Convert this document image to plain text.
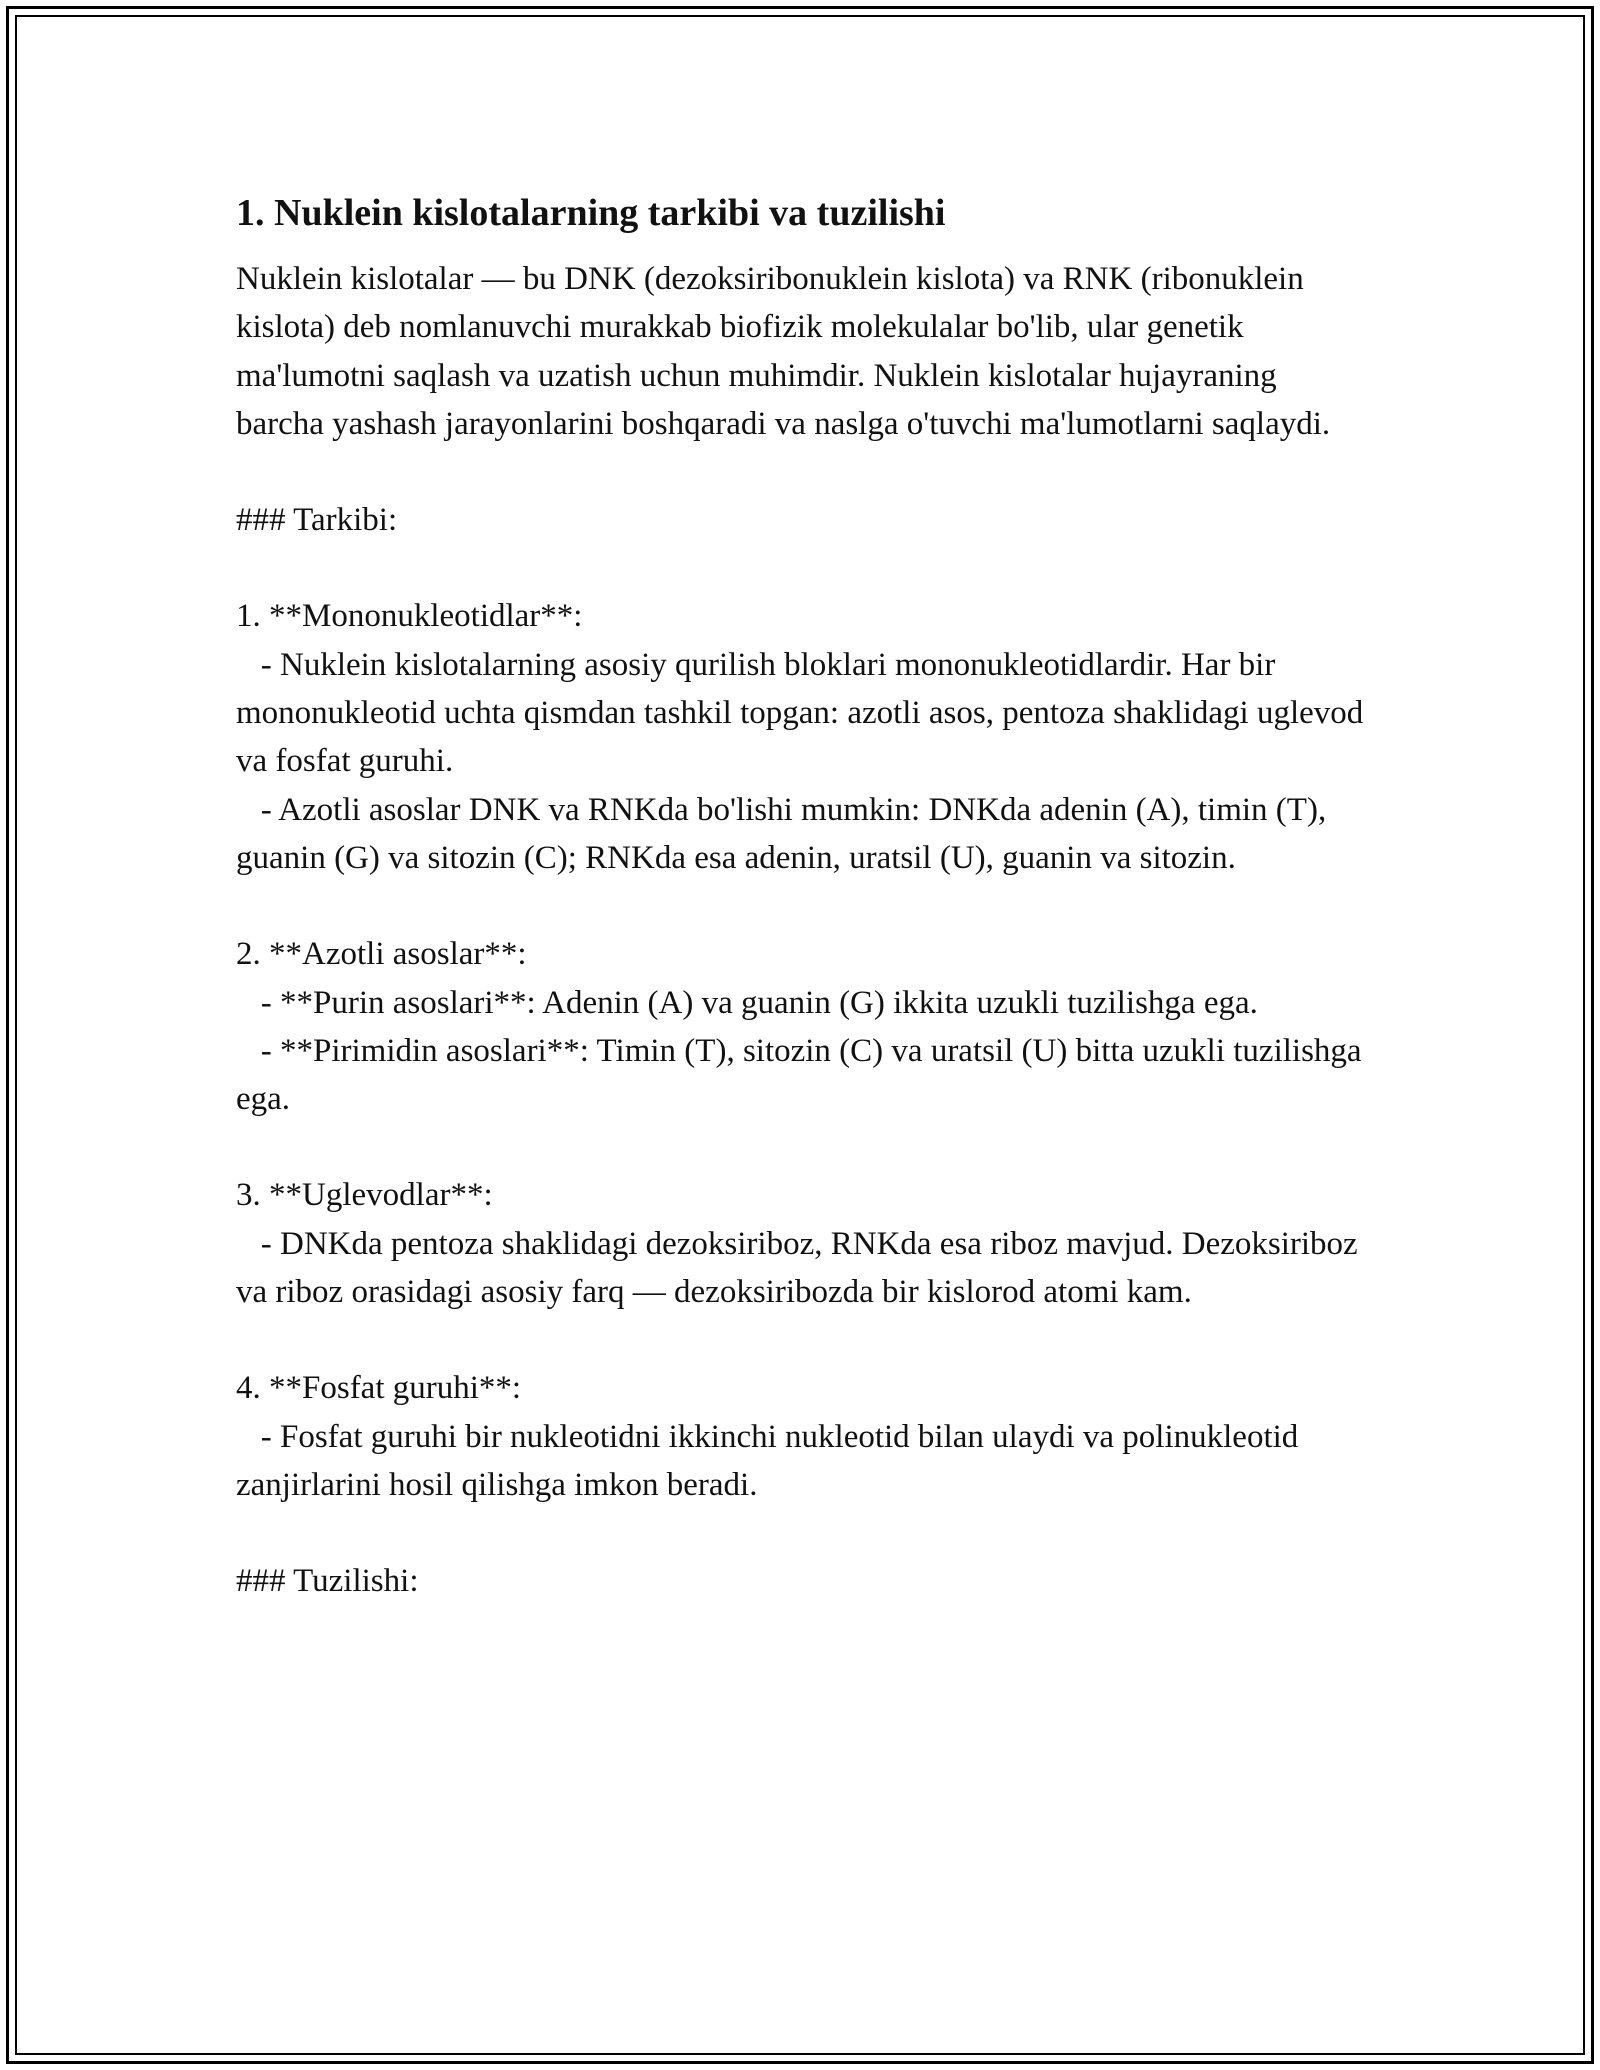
1. Nuklein kislotalarning tarkibi va tuzilishi

Nuklein kislotalar — bu DNK (dezoksiribonuklein kislota) va RNK (ribonuklein kislota) deb nomlanuvchi murakkab biofizik molekulalar bo'lib, ular genetik ma'lumotni saqlash va uzatish uchun muhimdir. Nuklein kislotalar hujayraning barcha yashash jarayonlarini boshqaradi va naslga o'tuvchi ma'lumotlarni saqlaydi.

### Tarkibi:

1. **Mononukleotidlar**:

- Nuklein kislotalarning asosiy qurilish bloklari mononukleotidlardir. Har bir mononukleotid uchta qismdan tashkil topgan: azotli asos, pentoza shaklidagi uglevod va fosfat guruhi.

- Azotli asoslar DNK va RNKda bo'lishi mumkin: DNKda adenin (A), timin (T), guanin (G) va sitozin (C); RNKda esa adenin, uratsil (U), guanin va sitozin.

2. **Azotli asoslar**:

- **Purin asoslari**: Adenin (A) va guanin (G) ikkita uzukli tuzilishga ega.

- **Pirimidin asoslari**: Timin (T), sitozin (C) va uratsil (U) bitta uzukli tuzilishga ega.

3. **Uglevodlar**:

- DNKda pentoza shaklidagi dezoksiriboz, RNKda esa riboz mavjud. Dezoksiriboz va riboz orasidagi asosiy farq — dezoksiribozda bir kislorod atomi kam.

4. **Fosfat guruhi**:

- Fosfat guruhi bir nukleotidni ikkinchi nukleotid bilan ulaydi va polinukleotid zanjirlarini hosil qilishga imkon beradi.

### Tuzilishi:
